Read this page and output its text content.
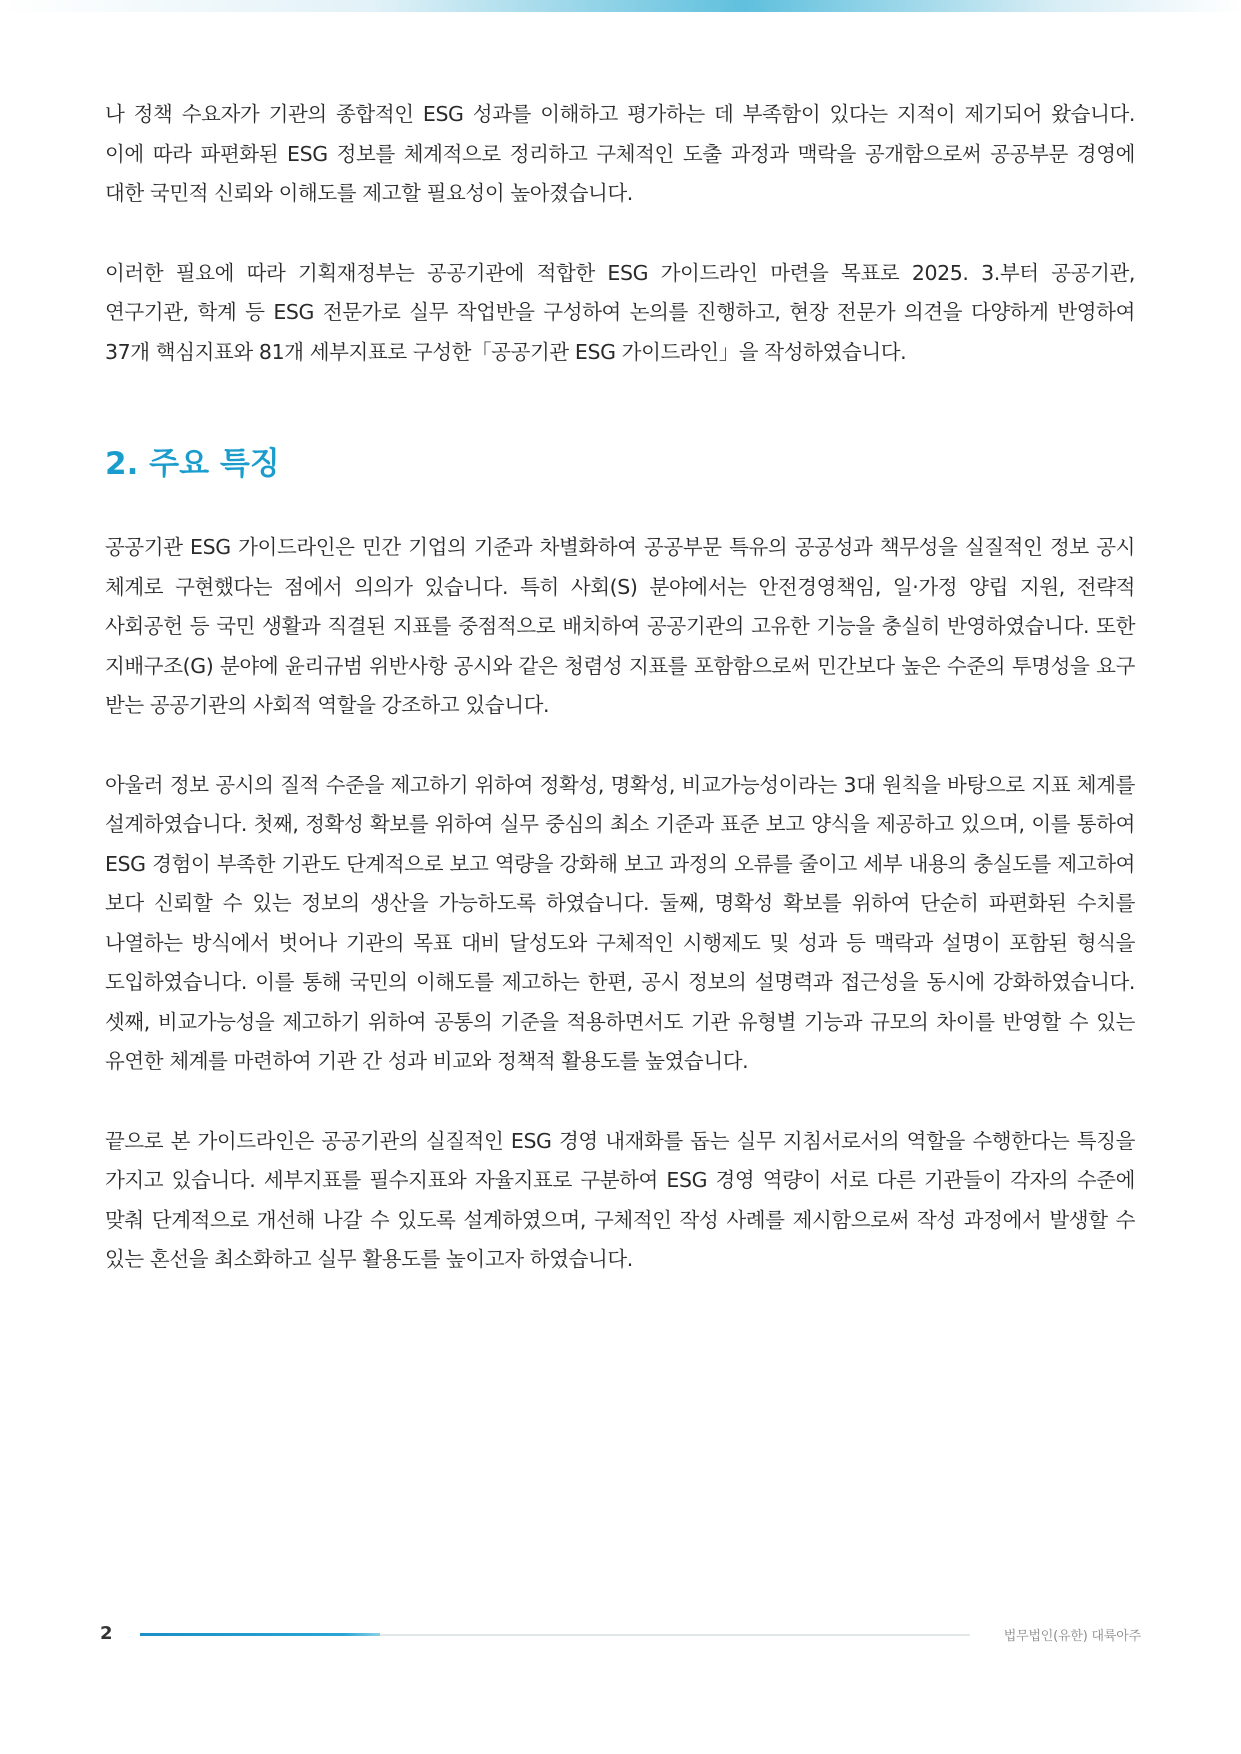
나 정책 수요자가 기관의 종합적인 ESG 성과를 이해하고 평가하는 데 부족함이 있다는 지적이 제기되어 왔습니다. 이에 따라 파편화된 ESG 정보를 체계적으로 정리하고 구체적인 도출 과정과 맥락을 공개함으로써 공공부문 경영에 대한 국민적 신뢰와 이해도를 제고할 필요성이 높아졌습니다.

이러한 필요에 따라 기획재정부는 공공기관에 적합한 ESG 가이드라인 마련을 목표로 2025. 3.부터 공공기관, 연구기관, 학계 등 ESG 전문가로 실무 작업반을 구성하여 논의를 진행하고, 현장 전문가 의견을 다양하게 반영하여 37개 핵심지표와 81개 세부지표로 구성한「공공기관 ESG 가이드라인」을 작성하였습니다.

2. 주요 특징

공공기관 ESG 가이드라인은 민간 기업의 기준과 차별화하여 공공부문 특유의 공공성과 책무성을 실질적인 정보 공시 체계로 구현했다는 점에서 의의가 있습니다. 특히 사회(S) 분야에서는 안전경영책임, 일·가정 양립 지원, 전략적 사회공헌 등 국민 생활과 직결된 지표를 중점적으로 배치하여 공공기관의 고유한 기능을 충실히 반영하였습니다. 또한 지배구조(G) 분야에 윤리규범 위반사항 공시와 같은 청렴성 지표를 포함함으로써 민간보다 높은 수준의 투명성을 요구 받는 공공기관의 사회적 역할을 강조하고 있습니다.

아울러 정보 공시의 질적 수준을 제고하기 위하여 정확성, 명확성, 비교가능성이라는 3대 원칙을 바탕으로 지표 체계를 설계하였습니다. 첫째, 정확성 확보를 위하여 실무 중심의 최소 기준과 표준 보고 양식을 제공하고 있으며, 이를 통하여 ESG 경험이 부족한 기관도 단계적으로 보고 역량을 강화해 보고 과정의 오류를 줄이고 세부 내용의 충실도를 제고하여 보다 신뢰할 수 있는 정보의 생산을 가능하도록 하였습니다. 둘째, 명확성 확보를 위하여 단순히 파편화된 수치를 나열하는 방식에서 벗어나 기관의 목표 대비 달성도와 구체적인 시행제도 및 성과 등 맥락과 설명이 포함된 형식을 도입하였습니다. 이를 통해 국민의 이해도를 제고하는 한편, 공시 정보의 설명력과 접근성을 동시에 강화하였습니다. 셋째, 비교가능성을 제고하기 위하여 공통의 기준을 적용하면서도 기관 유형별 기능과 규모의 차이를 반영할 수 있는 유연한 체계를 마련하여 기관 간 성과 비교와 정책적 활용도를 높였습니다.

끝으로 본 가이드라인은 공공기관의 실질적인 ESG 경영 내재화를 돕는 실무 지침서로서의 역할을 수행한다는 특징을 가지고 있습니다. 세부지표를 필수지표와 자율지표로 구분하여 ESG 경영 역량이 서로 다른 기관들이 각자의 수준에 맞춰 단계적으로 개선해 나갈 수 있도록 설계하였으며, 구체적인 작성 사례를 제시함으로써 작성 과정에서 발생할 수 있는 혼선을 최소화하고 실무 활용도를 높이고자 하였습니다.

2	법무법인(유한) 대륙아주
